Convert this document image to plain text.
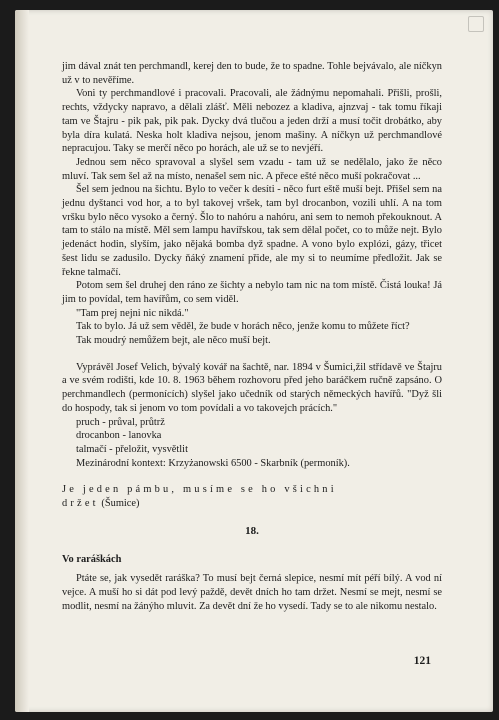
jim dával znát ten perchmandl, kerej den to bude, že to spadne. Tohle bejvávalo, ale níčkyn už v to nevěříme.

Voni ty perchmandlové i pracovali. Pracovali, ale žádnýmu nepomahali. Přišli, prošli, rechts, vždycky napravo, a dělali zlášť. Měli nebozez a kladiva, ajnzvaj - tak tomu říkaji tam ve Štajru - pik pak, pik pak. Dycky dvá tlučou a jeden drží a musí točit drobátko, aby byla díra kulatá. Neska holt kladiva nejsou, jenom mašiny. A níčkyn už perchmandlové nepracujou. Taky se merčí něco po horách, ale už se to nevjéří.

Jednou sem něco spravoval a slyšel sem vzadu - tam už se nedělalo, jako že něco mluví. Tak sem šel až na místo, nenašel sem nic. A přece ešté něco muší pokračovat ...

Šel sem jednou na šichtu. Bylo to večer k desíti - něco furt eště muší bejt. Přišel sem na jednu dyštanci vod hor, a to byl takovej vršek, tam byl drocanbon, vozili uhlí. A na tom vršku bylo něco vysoko a černý. Šlo to nahóru a nahóru, ani sem to nemoh překouknout. A tam to stálo na místě. Měl sem lampu havířskou, tak sem dělal počet, co to může nejt. Bylo jedenáct hodin, slyším, jako nějaká bomba dyž spadne. A vono bylo explózi, gázy, třicet šest lidu se zadusilo. Dycky ňáký znamení přide, ale my si to neumíme předložit. Jak se řekne talmačí.

Potom sem šel druhej den ráno ze šichty a nebylo tam nic na tom místě. Čistá louka! Já jim to povídal, tem havířům, co sem viděl.

"Tam prej nejni nic nikdá."

Tak to bylo. Já už sem věděl, že bude v horách něco, jenže komu to můžete říct?

Tak moudrý nemůžem bejt, ale něco muší bejt.

Vyprávěl Josef Velich, bývalý kovář na šachtě, nar. 1894 v Šumici,žil střídavě ve Štajru a ve svém rodišti, kde 10. 8. 1963 během rozhovoru před jeho baráčkem ručně zapsáno. O perchmandlech (permonících) slyšel jako učedník od starých německých havířů. "Dyž šli do hospody, tak si jenom vo tom povídali a vo takovejch prácích."

pruch - průval, průtrž

drocanbon - lanovka

talmačí - přeložit, vysvětlit

Mezinárodní kontext: Krzyżanowski 6500 - Skarbník (permoník).

Je jeden pámbu, musíme se ho všichni

držet (Šumice)

18.

Vo raráškách

Ptáte se, jak vysedět raráška? To musí bejt černá slepice, nesmí mít péří bílý. A vod ní vejce. A muší ho si dát pod levý paždě, devět dních ho tam držet. Nesmí se mejt, nesmí se modlit, nesmí na žánýho mluvit. Za devět dní že ho vysedí. Tady se to ale nikomu nestalo.

121
